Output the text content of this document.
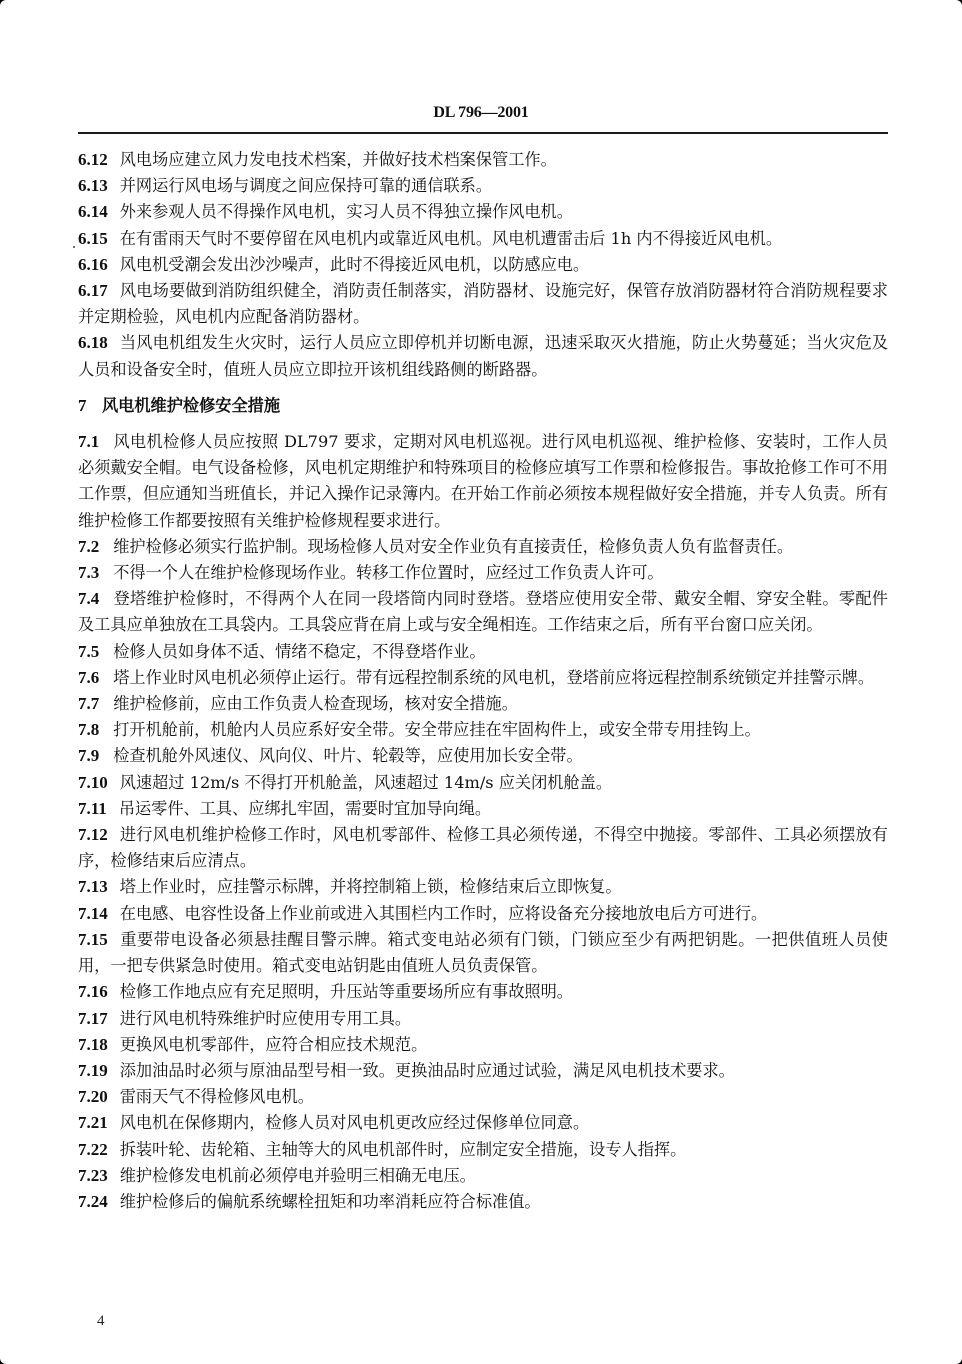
DL 796—2001

6.12 风电场应建立风力发电技术档案，并做好技术档案保管工作。

6.13 并网运行风电场与调度之间应保持可靠的通信联系。

6.14 外来参观人员不得操作风电机，实习人员不得独立操作风电机。

6.15 在有雷雨天气时不要停留在风电机内或靠近风电机。风电机遭雷击后 1h 内不得接近风电机。

6.16 风电机受潮会发出沙沙噪声，此时不得接近风电机，以防感应电。

6.17 风电场要做到消防组织健全，消防责任制落实，消防器材、设施完好，保管存放消防器材符合消防规程要求并定期检验，风电机内应配备消防器材。

6.18 当风电机组发生火灾时，运行人员应立即停机并切断电源，迅速采取灭火措施，防止火势蔓延；当火灾危及人员和设备安全时，值班人员应立即拉开该机组线路侧的断路器。

7 风电机维护检修安全措施

7.1 风电机检修人员应按照 DL797 要求，定期对风电机巡视。进行风电机巡视、维护检修、安装时，工作人员必须戴安全帽。电气设备检修，风电机定期维护和特殊项目的检修应填写工作票和检修报告。事故抢修工作可不用工作票，但应通知当班值长，并记入操作记录簿内。在开始工作前必须按本规程做好安全措施，并专人负责。所有维护检修工作都要按照有关维护检修规程要求进行。

7.2 维护检修必须实行监护制。现场检修人员对安全作业负有直接责任，检修负责人负有监督责任。

7.3 不得一个人在维护检修现场作业。转移工作位置时，应经过工作负责人许可。

7.4 登塔维护检修时，不得两个人在同一段塔筒内同时登塔。登塔应使用安全带、戴安全帽、穿安全鞋。零配件及工具应单独放在工具袋内。工具袋应背在肩上或与安全绳相连。工作结束之后，所有平台窗口应关闭。

7.5 检修人员如身体不适、情绪不稳定，不得登塔作业。

7.6 塔上作业时风电机必须停止运行。带有远程控制系统的风电机，登塔前应将远程控制系统锁定并挂警示牌。

7.7 维护检修前，应由工作负责人检查现场，核对安全措施。

7.8 打开机舱前，机舱内人员应系好安全带。安全带应挂在牢固构件上，或安全带专用挂钩上。

7.9 检查机舱外风速仪、风向仪、叶片、轮毂等，应使用加长安全带。

7.10 风速超过 12m/s 不得打开机舱盖，风速超过 14m/s 应关闭机舱盖。

7.11 吊运零件、工具、应绑扎牢固，需要时宜加导向绳。

7.12 进行风电机维护检修工作时，风电机零部件、检修工具必须传递，不得空中抛接。零部件、工具必须摆放有序，检修结束后应清点。

7.13 塔上作业时，应挂警示标牌，并将控制箱上锁，检修结束后立即恢复。

7.14 在电感、电容性设备上作业前或进入其围栏内工作时，应将设备充分接地放电后方可进行。

7.15 重要带电设备必须悬挂醒目警示牌。箱式变电站必须有门锁，门锁应至少有两把钥匙。一把供值班人员使用，一把专供紧急时使用。箱式变电站钥匙由值班人员负责保管。

7.16 检修工作地点应有充足照明，升压站等重要场所应有事故照明。

7.17 进行风电机特殊维护时应使用专用工具。

7.18 更换风电机零部件，应符合相应技术规范。

7.19 添加油品时必须与原油品型号相一致。更换油品时应通过试验，满足风电机技术要求。

7.20 雷雨天气不得检修风电机。

7.21 风电机在保修期内，检修人员对风电机更改应经过保修单位同意。

7.22 拆装叶轮、齿轮箱、主轴等大的风电机部件时，应制定安全措施，设专人指挥。

7.23 维护检修发电机前必须停电并验明三相确无电压。

7.24 维护检修后的偏航系统螺栓扭矩和功率消耗应符合标准值。

4
